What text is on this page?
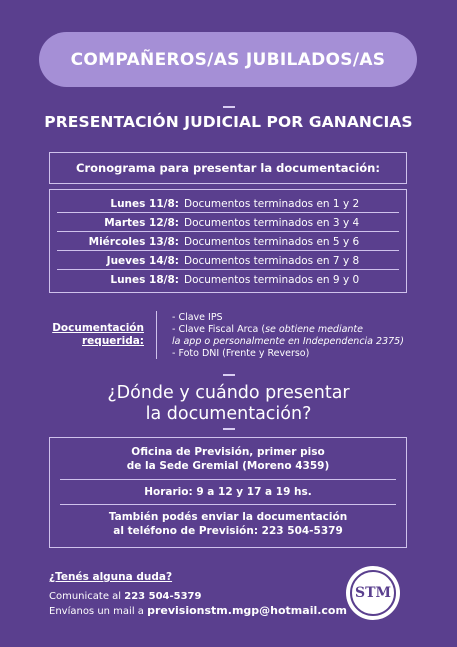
COMPAÑEROS/AS JUBILADOS/AS
PRESENTACIÓN JUDICIAL POR GANANCIAS
Cronograma para presentar la documentación:
Lunes 11/8: Documentos terminados en 1 y 2
Martes 12/8: Documentos terminados en 3 y 4
Miércoles 13/8: Documentos terminados en 5 y 6
Jueves 14/8: Documentos terminados en 7 y 8
Lunes 18/8: Documentos terminados en 9 y 0
Documentación
requerida:
- Clave IPS
- Clave Fiscal Arca (se obtiene mediante
la app o personalmente en Independencia 2375)
- Foto DNI (Frente y Reverso)
¿Dónde y cuándo presentar
la documentación?
Oficina de Previsión, primer piso
de la Sede Gremial (Moreno 4359)
Horario: 9 a 12 y 17 a 19 hs.
También podés enviar la documentación
al teléfono de Previsión: 223 504-5379
¿Tenés alguna duda?
Comunicate al 223 504-5379
Envíanos un mail a previsionstm.mgp@hotmail.com
STM
